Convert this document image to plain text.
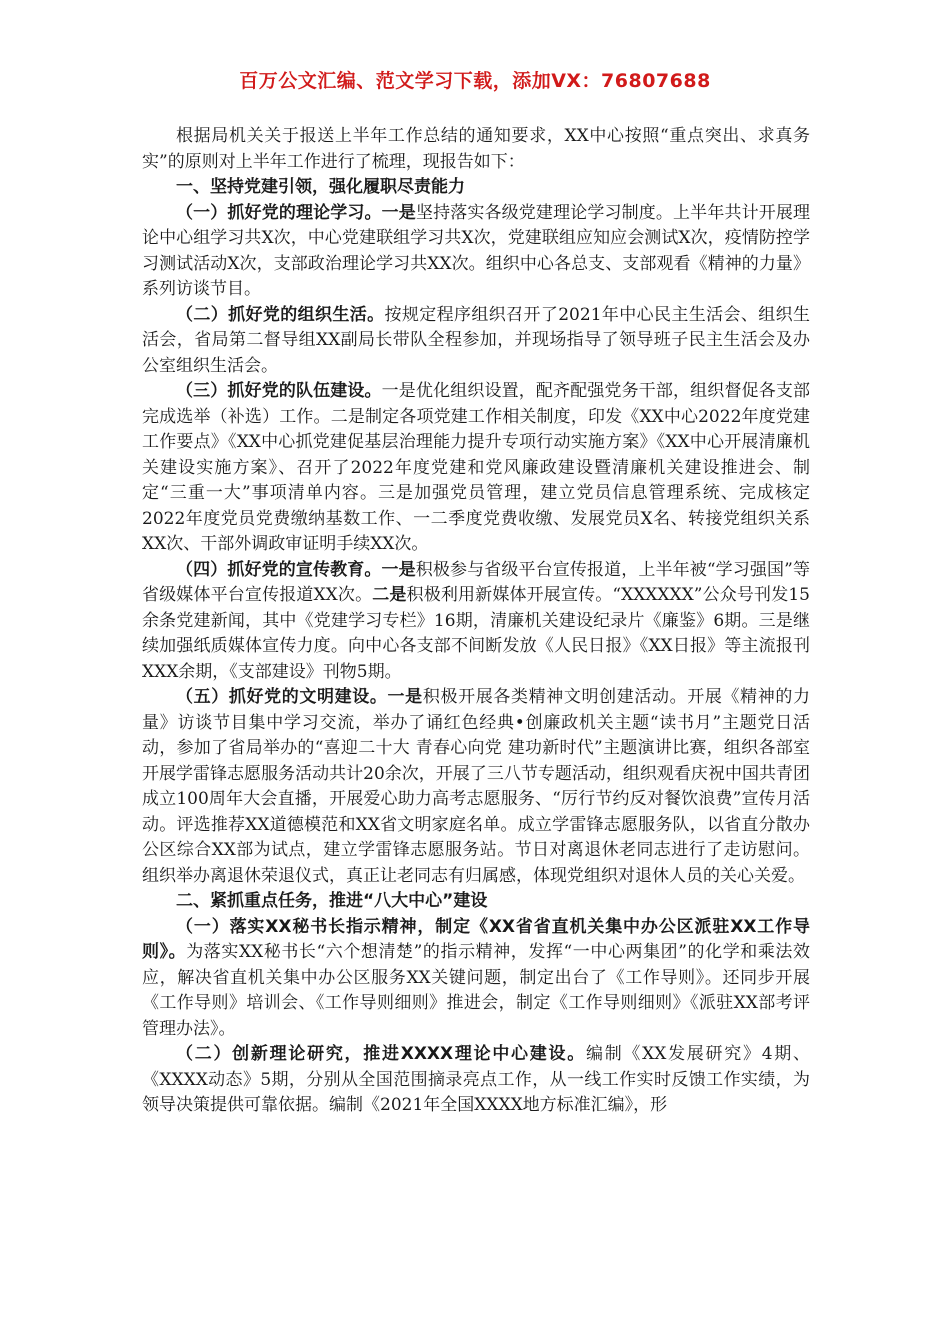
百万公文汇编、范文学习下载，添加VX：76807688

根据局机关关于报送上半年工作总结的通知要求，XX中心按照“重点突出、求真务实”的原则对上半年工作进行了梳理，现报告如下：

一、坚持党建引领，强化履职尽责能力

（一）抓好党的理论学习。一是坚持落实各级党建理论学习制度。上半年共计开展理论中心组学习共X次，中心党建联组学习共X次，党建联组应知应会测试X次，疫情防控学习测试活动X次，支部政治理论学习共XX次。组织中心各总支、支部观看《精神的力量》系列访谈节目。

（二）抓好党的组织生活。按规定程序组织召开了2021年中心民主生活会、组织生活会，省局第二督导组XX副局长带队全程参加，并现场指导了领导班子民主生活会及办公室组织生活会。

（三）抓好党的队伍建设。一是优化组织设置，配齐配强党务干部，组织督促各支部完成选举（补选）工作。二是制定各项党建工作相关制度，印发《XX中心2022年度党建工作要点》《XX中心抓党建促基层治理能力提升专项行动实施方案》《XX中心开展清廉机关建设实施方案》、召开了2022年度党建和党风廉政建设暨清廉机关建设推进会、制定“三重一大”事项清单内容。三是加强党员管理，建立党员信息管理系统、完成核定2022年度党员党费缴纳基数工作、一二季度党费收缴、发展党员X名、转接党组织关系XX次、干部外调政审证明手续XX次。

（四）抓好党的宣传教育。一是积极参与省级平台宣传报道，上半年被“学习强国”等省级媒体平台宣传报道XX次。二是积极利用新媒体开展宣传。“XXXXXX”公众号刊发15余条党建新闻，其中《党建学习专栏》16期，清廉机关建设纪录片《廉鉴》6期。三是继续加强纸质媒体宣传力度。向中心各支部不间断发放《人民日报》《XX日报》等主流报刊XXX余期，《支部建设》刊物5期。

（五）抓好党的文明建设。一是积极开展各类精神文明创建活动。开展《精神的力量》访谈节目集中学习交流，举办了诵红色经典•创廉政机关主题“读书月”主题党日活动，参加了省局举办的“喜迎二十大 青春心向党 建功新时代”主题演讲比赛，组织各部室开展学雷锋志愿服务活动共计20余次，开展了三八节专题活动，组织观看庆祝中国共青团成立100周年大会直播，开展爱心助力高考志愿服务、“厉行节约反对餐饮浪费”宣传月活动。评选推荐XX道德模范和XX省文明家庭名单。成立学雷锋志愿服务队，以省直分散办公区综合XX部为试点，建立学雷锋志愿服务站。节日对离退休老同志进行了走访慰问。组织举办离退休荣退仪式，真正让老同志有归属感，体现党组织对退休人员的关心关爱。

二、紧抓重点任务，推进“八大中心”建设

（一）落实XX秘书长指示精神，制定《XX省省直机关集中办公区派驻XX工作导则》。为落实XX秘书长“六个想清楚”的指示精神，发挥“一中心两集团”的化学和乘法效应，解决省直机关集中办公区服务XX关键问题，制定出台了《工作导则》。还同步开展《工作导则》培训会、《工作导则细则》推进会，制定《工作导则细则》《派驻XX部考评管理办法》。

（二）创新理论研究，推进XXXX理论中心建设。编制《XX发展研究》4期、《XXXX动态》5期，分别从全国范围摘录亮点工作，从一线工作实时反馈工作实绩，为领导决策提供可靠依据。编制《2021年全国XXXX地方标准汇编》，形
